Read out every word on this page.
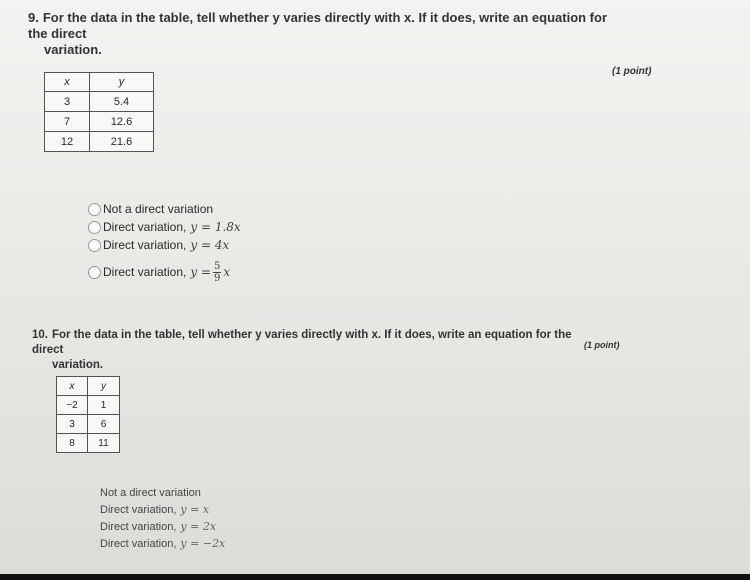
9. For the data in the table, tell whether y varies directly with x. If it does, write an equation for the direct
variation.
(1 point)
x	y
3	5.4
7	12.6
12	21.6
Not a direct variation
Direct variation, y = 1.8x
Direct variation, y = 4x
Direct variation, $y = \frac{5}{9}$ x
10. For the data in the table, tell whether y varies directly with x. If it does, write an equation for the direct
variation.
(1 point)
x	y
−2	1
3	6
8	11
Not a direct variation
Direct variation, y = x
Direct variation, y = 2x
Direct variation, y = −2x
